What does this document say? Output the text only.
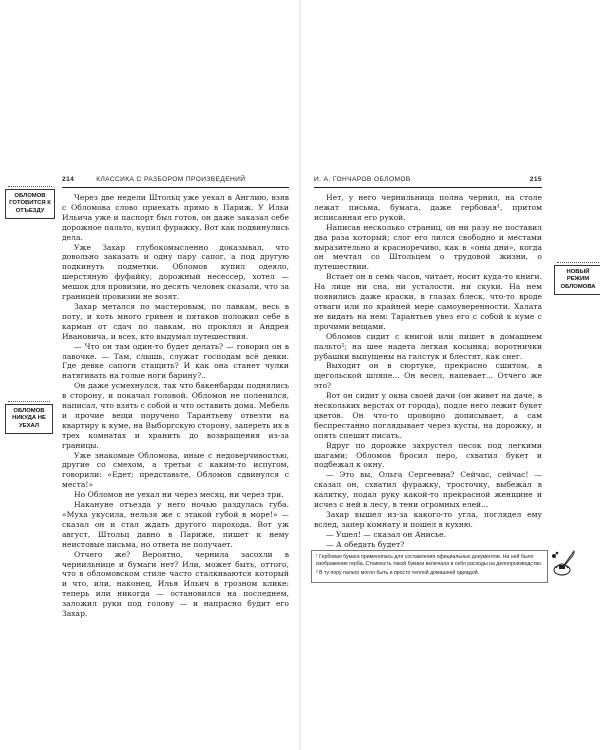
214	КЛАССИКА С РАЗБОРОМ ПРОИЗВЕДЕНИЙ
ОБЛОМОВ ГОТОВИТСЯ К ОТЪЕЗДУ
ОБЛОМОВ НИКУДА НЕ УЕХАЛ

Через две недели Штольц уже уехал в Англию, взяв с Обломова слово приехать прямо в Париж. У Ильи Ильича уже и паспорт был готов, он даже заказал себе дорожное пальто, купил фуражку. Вот как подвинулись дела.

Уже Захар глубокомысленно доказывал, что довольно заказать и одну пару сапог, а под другую подкинуть подметки. Обломов купил одеяло, шерстяную фуфайку, дорожный несессер, хотел — мешок для провизии, но десять человек сказали, что за границей провизии не возят.

Захар метался по мастеровым, по лавкам, весь в поту, и хоть много гривен и пятаков положил себе в карман от сдач по лавкам, но проклял и Андрея Ивановича, и всех, кто выдумал путешествия.

— Что он там один-то будет делать? — говорил он в лавочке. — Там, слышь, служат господам всё девки. Где девке сапоги стащить? И как она станет чулки натягивать на голые ноги барину?..

Он даже усмехнулся, так что бакенбарды поднялись в сторону, и покачал головой. Обломов не поленился, написал, что взять с собой и что оставить дома. Мебель и прочие вещи поручено Тарантьеву отвезти на квартиру к куме, на Выборгскую сторону, запереть их в трех комнатах и хранить до возвращения из-за границы.

Уже знакомые Обломова, иные с недоверчивостью, другие со смехом, а третьи с каким-то испугом, говорили: «Едет; представьте, Обломов сдвинулся с места!»

Но Обломов не уехал ни через месяц, ни через три.

Накануне отъезда у него ночью раздулась губа. «Муха укусила, нельзя же с этакой губой в море!» — сказал он и стал ждать другого парохода. Вот уж август, Штольц давно в Париже, пишет к нему неистовые письма, но ответа не получает.

Отчего же? Вероятно, чернила засохли в чернильнице и бумаги нет? Или, может быть, оттого, что в обломовском стиле часто сталкиваются который и что, или, наконец, Илья Ильич в грозном клике: теперь или никогда — остановился на последнем, заложил руки под голову — и напрасно будит его Захар.

И. А. ГОНЧАРОВ ОБЛОМОВ	215

Нет, у него чернильница полна чернил, на столе лежат письма, бумага, даже гербовая¹, притом исписанная его рукой.

Написав несколько страниц, он ни разу не поставил два раза который; слог его лился свободно и местами выразительно и красноречиво, как в «оны дни», когда он мечтал со Штольцем о трудовой жизни, о путешествии.

Встает он в семь часов, читает, носит куда-то книги. На лице ни сна, ни усталости, ни скуки. На нем появились даже краски, в глазах блеск, что-то вроде отваги или по крайней мере самоуверенности. Халата не видать на нем: Тарантьев увез его с собой к куме с прочими вещами.

Обломов сидит с книгой или пишет в домашнем пальто²; на шее надета легкая косынка; воротнички рубашки выпущены на галстук и блестят, как снег.

Выходит он в сюртуке, прекрасно сшитом, в щегольской шляпе... Он весел, напевает... Отчего же это?

Вот он сидит у окна своей дачи (он живет на даче, в нескольких верстах от города), подле него лежит букет цветов. Он что-то проворно дописывает, а сам беспрестанно поглядывает через кусты, на дорожку, и опять спешит писать.

Вдруг по дорожке захрустел песок под легкими шагами; Обломов бросил перо, схватил букет и подбежал к окну.

— Это вы, Ольга Сергеевна? Сейчас, сейчас! — сказал он, схватил фуражку, тросточку, выбежал в калитку, подал руку какой-то прекрасной женщине и исчез с ней в лесу, в тени огромных елей...

Захар вышел из-за какого-то угла, поглядел ему вслед, запер комнату и пошел в кухню.

— Ушел! — сказал он Анисье.

— А обедать будет?

НОВЫЙ РЕЖИМ ОБЛОМОВА

¹ Гербовая бумага применялась для составления официальных документов. На ней было изображение герба. Стоимость такой бумаги включала в себя расходы на делопроизводство.

² В ту пору пальто могло быть и просто теплой домашней одеждой.
